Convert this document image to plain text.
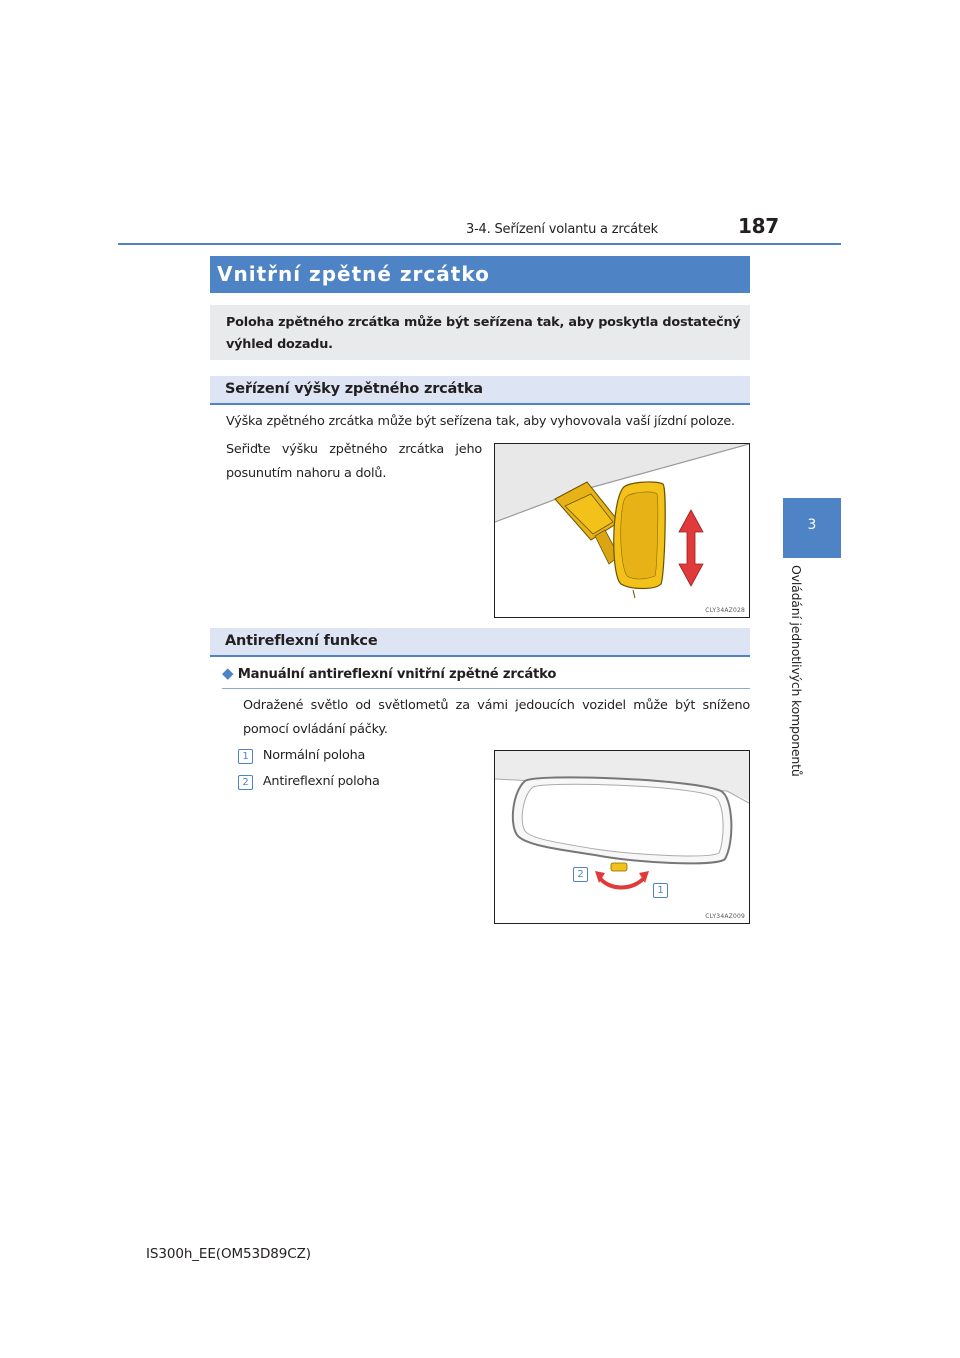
3-4. Seřízení volantu a zrcátek	187
3
Ovládání jednotlivých komponentů
Vnitřní zpětné zrcátko
Poloha zpětného zrcátka může být seřízena tak, aby poskytla dostatečný výhled dozadu.
Seřízení výšky zpětného zrcátka
Výška zpětného zrcátka může být seřízena tak, aby vyhovovala vaší jízdní poloze.
Seřiďte výšku zpětného zrcátka jeho posunutím nahoru a dolů.
CLY34AZ028
Antireflexní funkce
◆ Manuální antireflexní vnitřní zpětné zrcátko
Odražené světlo od světlometů za vámi jedoucích vozidel může být sníženo pomocí ovládání páčky.
1 Normální poloha
2 Antireflexní poloha
2
1
CLY34AZ009
IS300h_EE(OM53D89CZ)
